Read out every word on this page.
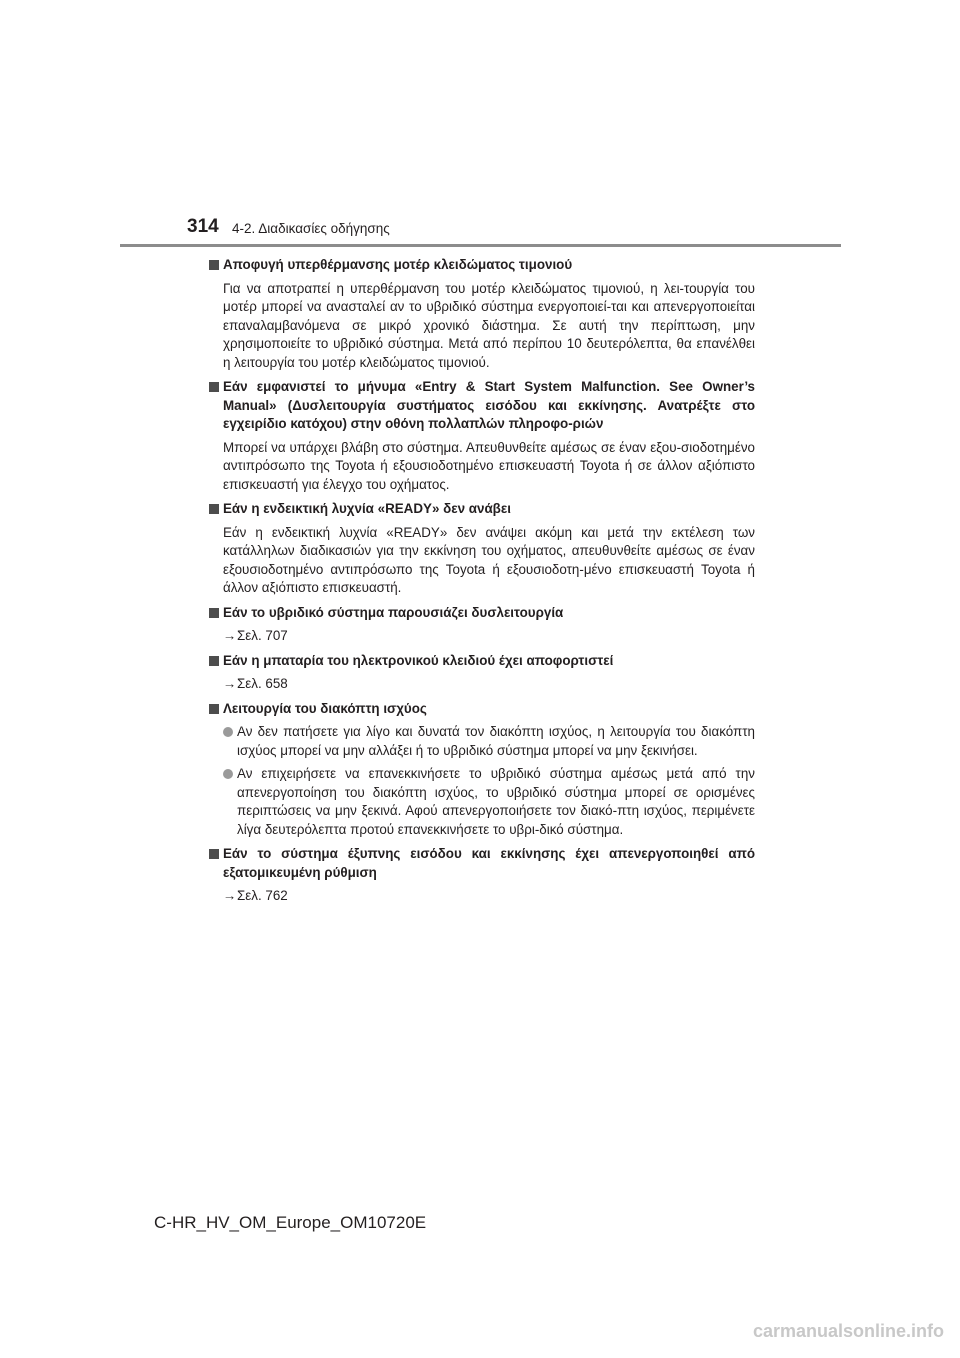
314 4-2. Διαδικασίες οδήγησης
Αποφυγή υπερθέρμανσης μοτέρ κλειδώματος τιμονιού
Για να αποτραπεί η υπερθέρμανση του μοτέρ κλειδώματος τιμονιού, η λει-τουργία του μοτέρ μπορεί να ανασταλεί αν το υβριδικό σύστημα ενεργοποιεί-ται και απενεργοποιείται επαναλαμβανόμενα σε μικρό χρονικό διάστημα. Σε αυτή την περίπτωση, μην χρησιμοποιείτε το υβριδικό σύστημα. Μετά από περίπου 10 δευτερόλεπτα, θα επανέλθει η λειτουργία του μοτέρ κλειδώματος τιμονιού.
Εάν εμφανιστεί το μήνυμα «Entry & Start System Malfunction. See Owner’s Manual» (Δυσλειτουργία συστήματος εισόδου και εκκίνησης. Ανατρέξτε στο εγχειρίδιο κατόχου) στην οθόνη πολλαπλών πληροφο-ριών
Μπορεί να υπάρχει βλάβη στο σύστημα. Απευθυνθείτε αμέσως σε έναν εξου-σιοδοτημένο αντιπρόσωπο της Toyota ή εξουσιοδοτημένο επισκευαστή Toyota ή σε άλλον αξιόπιστο επισκευαστή για έλεγχο του οχήματος.
Εάν η ενδεικτική λυχνία «READY» δεν ανάβει
Εάν η ενδεικτική λυχνία «READY» δεν ανάψει ακόμη και μετά την εκτέλεση των κατάλληλων διαδικασιών για την εκκίνηση του οχήματος, απευθυνθείτε αμέσως σε έναν εξουσιοδοτημένο αντιπρόσωπο της Toyota ή εξουσιοδοτη-μένο επισκευαστή Toyota ή άλλον αξιόπιστο επισκευαστή.
Εάν το υβριδικό σύστημα παρουσιάζει δυσλειτουργία
→Σελ. 707
Εάν η μπαταρία του ηλεκτρονικού κλειδιού έχει αποφορτιστεί
→Σελ. 658
Λειτουργία του διακόπτη ισχύος
Αν δεν πατήσετε για λίγο και δυνατά τον διακόπτη ισχύος, η λειτουργία του διακόπτη ισχύος μπορεί να μην αλλάξει ή το υβριδικό σύστημα μπορεί να μην ξεκινήσει.
Αν επιχειρήσετε να επανεκκινήσετε το υβριδικό σύστημα αμέσως μετά από την απενεργοποίηση του διακόπτη ισχύος, το υβριδικό σύστημα μπορεί σε ορισμένες περιπτώσεις να μην ξεκινά. Αφού απενεργοποιήσετε τον διακό-πτη ισχύος, περιμένετε λίγα δευτερόλεπτα προτού επανεκκινήσετε το υβρι-δικό σύστημα.
Εάν το σύστημα έξυπνης εισόδου και εκκίνησης έχει απενεργοποιηθεί από εξατομικευμένη ρύθμιση
→Σελ. 762
C-HR_HV_OM_Europe_OM10720E
carmanualsonline.info
